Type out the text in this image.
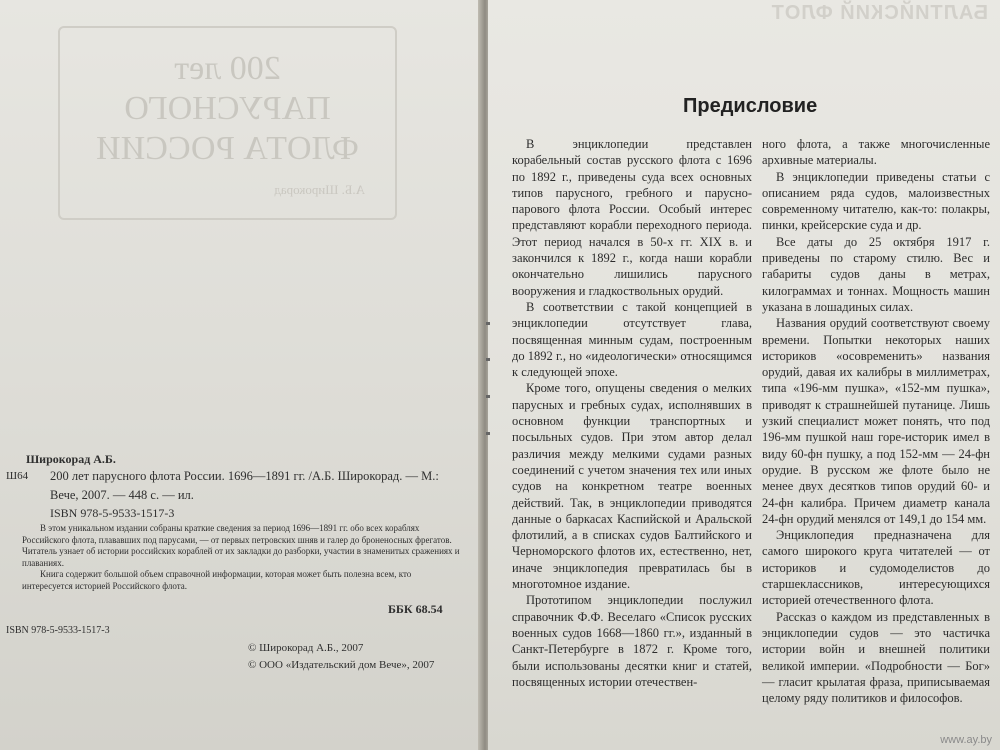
200 лет
ПАРУСНОГО
ФЛОТА РОССИИ
А.Б. Широкорад
Широкорад А.Б.
Ш64 200 лет парусного флота России. 1696—1891 гг. /А.Б. Широкорад. — М.: Вече, 2007. — 448 с. — ил.
ISBN 978-5-9533-1517-3

В этом уникальном издании собраны краткие сведения за период 1696—1891 гг. обо всех кораблях Российского флота, плававших под парусами, — от первых петровских шняв и галер до броненосных фрегатов. Читатель узнает об истории российских кораблей от их закладки до разборки, участии в знаменитых сражениях и плаваниях.

Книга содержит большой объем справочной информации, которая может быть полезна всем, кто интересуется историей Российского флота.

ББК 68.54
ISBN 978-5-9533-1517-3
© Широкорад А.Б., 2007
© ООО «Издательский дом Вече», 2007
БАЛТИЙСКИЙ ФЛОТ
Предисловие

В энциклопедии представлен корабельный состав русского флота с 1696 по 1892 г., приведены суда всех основных типов парусного, гребного и парусно-парового флота России. Особый интерес представляют корабли переходного периода. Этот период начался в 50-х гг. XIX в. и закончился к 1892 г., когда наши корабли окончательно лишились парусного вооружения и гладкоствольных орудий.

В соответствии с такой концепцией в энциклопедии отсутствует глава, посвященная минным судам, построенным до 1892 г., но «идеологически» относящимся к следующей эпохе.

Кроме того, опущены сведения о мелких парусных и гребных судах, исполнявших в основном функции транспортных и посыльных судов. При этом автор делал различия между мелкими судами разных соединений с учетом значения тех или иных судов на конкретном театре военных действий. Так, в энциклопедии приводятся данные о баркасах Каспийской и Аральской флотилий, а в списках судов Балтийского и Черноморского флотов их, естественно, нет, иначе энциклопедия превратилась бы в многотомное издание.

Прототипом энциклопедии послужил справочник Ф.Ф. Веселаго «Список русских военных судов 1668—1860 гг.», изданный в Санкт-Петербурге в 1872 г. Кроме того, были использованы десятки книг и статей, посвященных истории отечествен-

ного флота, а также многочисленные архивные материалы.

В энциклопедии приведены статьи с описанием ряда судов, малоизвестных современному читателю, как-то: полакры, пинки, крейсерские суда и др.

Все даты до 25 октября 1917 г. приведены по старому стилю. Вес и габариты судов даны в метрах, килограммах и тоннах. Мощность машин указана в лошадиных силах.

Названия орудий соответствуют своему времени. Попытки некоторых наших историков «осовременить» названия орудий, давая их калибры в миллиметрах, типа «196-мм пушка», «152-мм пушка», приводят к страшнейшей путанице. Лишь узкий специалист может понять, что под 196-мм пушкой наш горе-историк имел в виду 60-фн пушку, а под 152-мм — 24-фн орудие. В русском же флоте было не менее двух десятков типов орудий 60- и 24-фн калибра. Причем диаметр канала 24-фн орудий менялся от 149,1 до 154 мм.

Энциклопедия предназначена для самого широкого круга читателей — от историков и судомоделистов до старшеклассников, интересующихся историей отечественного флота.

Рассказ о каждом из представленных в энциклопедии судов — это частичка истории войн и внешней политики великой империи. «Подробности — Бог» — гласит крылатая фраза, приписываемая целому ряду политиков и философов.

www.ay.by
